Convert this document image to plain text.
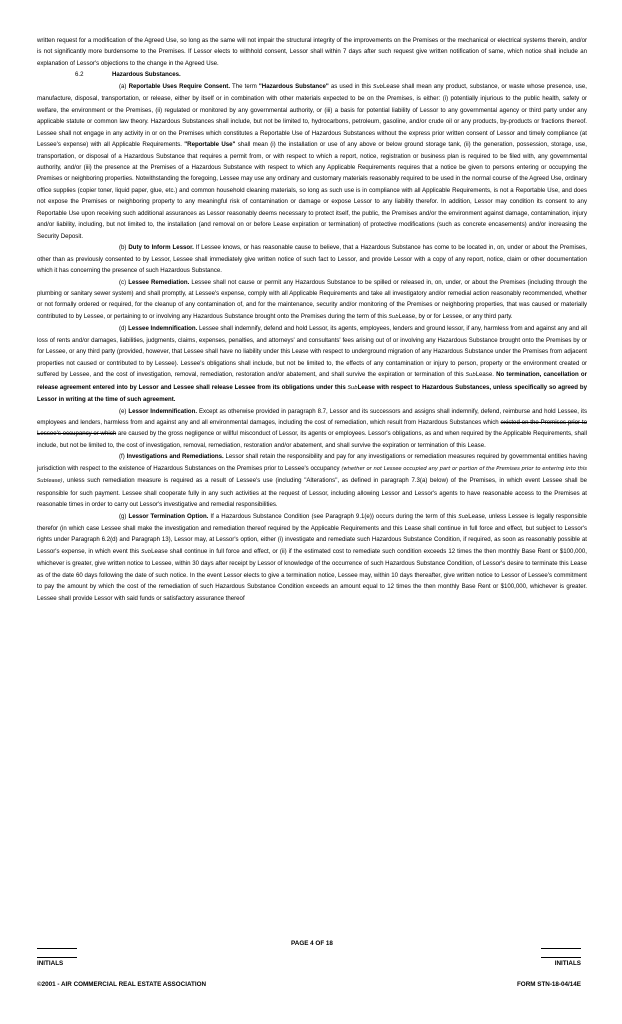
written request for a modification of the Agreed Use, so long as the same will not impair the structural integrity of the improvements on the Premises or the mechanical or electrical systems therein, and/or is not significantly more burdensome to the Premises. If Lessor elects to withhold consent, Lessor shall within 7 days after such request give written notification of same, which notice shall include an explanation of Lessor's objections to the change in the Agreed Use.

6.2	Hazardous Substances.

(a) Reportable Uses Require Consent. The term "Hazardous Substance" as used in this SubLease shall mean any product, substance, or waste whose presence, use, manufacture, disposal, transportation, or release, either by itself or in combination with other materials expected to be on the Premises, is either: (i) potentially injurious to the public health, safety or welfare, the environment or the Premises, (ii) regulated or monitored by any governmental authority, or (iii) a basis for potential liability of Lessor to any governmental agency or third party under any applicable statute or common law theory. Hazardous Substances shall include, but not be limited to, hydrocarbons, petroleum, gasoline, and/or crude oil or any products, by-products or fractions thereof. Lessee shall not engage in any activity in or on the Premises which constitutes a Reportable Use of Hazardous Substances without the express prior written consent of Lessor and timely compliance (at Lessee's expense) with all Applicable Requirements. "Reportable Use" shall mean (i) the installation or use of any above or below ground storage tank, (ii) the generation, possession, storage, use, transportation, or disposal of a Hazardous Substance that requires a permit from, or with respect to which a report, notice, registration or business plan is required to be filed with, any governmental authority, and/or (iii) the presence at the Premises of a Hazardous Substance with respect to which any Applicable Requirements requires that a notice be given to persons entering or occupying the Premises or neighboring properties. Notwithstanding the foregoing, Lessee may use any ordinary and customary materials reasonably required to be used in the normal course of the Agreed Use, ordinary office supplies (copier toner, liquid paper, glue, etc.) and common household cleaning materials, so long as such use is in compliance with all Applicable Requirements, is not a Reportable Use, and does not expose the Premises or neighboring property to any meaningful risk of contamination or damage or expose Lessor to any liability therefor. In addition, Lessor may condition its consent to any Reportable Use upon receiving such additional assurances as Lessor reasonably deems necessary to protect itself, the public, the Premises and/or the environment against damage, contamination, injury and/or liability, including, but not limited to, the installation (and removal on or before Lease expiration or termination) of protective modifications (such as concrete encasements) and/or increasing the Security Deposit.

(b) Duty to Inform Lessor. If Lessee knows, or has reasonable cause to believe, that a Hazardous Substance has come to be located in, on, under or about the Premises, other than as previously consented to by Lessor, Lessee shall immediately give written notice of such fact to Lessor, and provide Lessor with a copy of any report, notice, claim or other documentation which it has concerning the presence of such Hazardous Substance.

(c) Lessee Remediation. Lessee shall not cause or permit any Hazardous Substance to be spilled or released in, on, under, or about the Premises (including through the plumbing or sanitary sewer system) and shall promptly, at Lessee's expense, comply with all Applicable Requirements and take all investigatory and/or remedial action reasonably recommended, whether or not formally ordered or required, for the cleanup of any contamination of, and for the maintenance, security and/or monitoring of the Premises or neighboring properties, that was caused or materially contributed to by Lessee, or pertaining to or involving any Hazardous Substance brought onto the Premises during the term of this SubLease, by or for Lessee, or any third party.

(d) Lessee Indemnification. Lessee shall indemnify, defend and hold Lessor, its agents, employees, lenders and ground lessor, if any, harmless from and against any and all loss of rents and/or damages, liabilities, judgments, claims, expenses, penalties, and attorneys' and consultants' fees arising out of or involving any Hazardous Substance brought onto the Premises by or for Lessee, or any third party (provided, however, that Lessee shall have no liability under this Lease with respect to underground migration of any Hazardous Substance under the Premises from adjacent properties not caused or contributed to by Lessee). Lessee's obligations shall include, but not be limited to, the effects of any contamination or injury to person, property or the environment created or suffered by Lessee, and the cost of investigation, removal, remediation, restoration and/or abatement, and shall survive the expiration or termination of this SubLease. No termination, cancellation or release agreement entered into by Lessor and Lessee shall release Lessee from its obligations under this SubLease with respect to Hazardous Substances, unless specifically so agreed by Lessor in writing at the time of such agreement.

(e) Lessor Indemnification. Except as otherwise provided in paragraph 8.7, Lessor and its successors and assigns shall indemnify, defend, reimburse and hold Lessee, its employees and lenders, harmless from and against any and all environmental damages, including the cost of remediation, which result from Hazardous Substances which existed on the Premises prior to Lessee's occupancy or which are caused by the gross negligence or willful misconduct of Lessor, its agents or employees. Lessor's obligations, as and when required by the Applicable Requirements, shall include, but not be limited to, the cost of investigation, removal, remediation, restoration and/or abatement, and shall survive the expiration or termination of this Lease.

(f) Investigations and Remediations. Lessor shall retain the responsibility and pay for any investigations or remediation measures required by governmental entities having jurisdiction with respect to the existence of Hazardous Substances on the Premises prior to Lessee's occupancy (whether or not Lessee occupied any part or portion of the Premises prior to entering into this Sublease), unless such remediation measure is required as a result of Lessee's use (including "Alterations", as defined in paragraph 7.3(a) below) of the Premises, in which event Lessee shall be responsible for such payment. Lessee shall cooperate fully in any such activities at the request of Lessor, including allowing Lessor and Lessor's agents to have reasonable access to the Premises at reasonable times in order to carry out Lessor's investigative and remedial responsibilities.

(g) Lessor Termination Option. If a Hazardous Substance Condition (see Paragraph 9.1(e)) occurs during the term of this SubLease, unless Lessee is legally responsible therefor (in which case Lessee shall make the investigation and remediation thereof required by the Applicable Requirements and this Lease shall continue in full force and effect, but subject to Lessor's rights under Paragraph 6.2(d) and Paragraph 13), Lessor may, at Lessor's option, either (i) investigate and remediate such Hazardous Substance Condition, if required, as soon as reasonably possible at Lessor's expense, in which event this SubLease shall continue in full force and effect, or (ii) if the estimated cost to remediate such condition exceeds 12 times the then monthly Base Rent or $100,000, whichever is greater, give written notice to Lessee, within 30 days after receipt by Lessor of knowledge of the occurrence of such Hazardous Substance Condition, of Lessor's desire to terminate this Lease as of the date 60 days following the date of such notice. In the event Lessor elects to give a termination notice, Lessee may, within 10 days thereafter, give written notice to Lessor of Lessee's commitment to pay the amount by which the cost of the remediation of such Hazardous Substance Condition exceeds an amount equal to 12 times the then monthly Base Rent or $100,000, whichever is greater. Lessee shall provide Lessor with said funds or satisfactory assurance thereof

PAGE 4 OF 18
INITIALS	INITIALS
©2001 - AIR COMMERCIAL REAL ESTATE ASSOCIATION	FORM STN-18-04/14E
